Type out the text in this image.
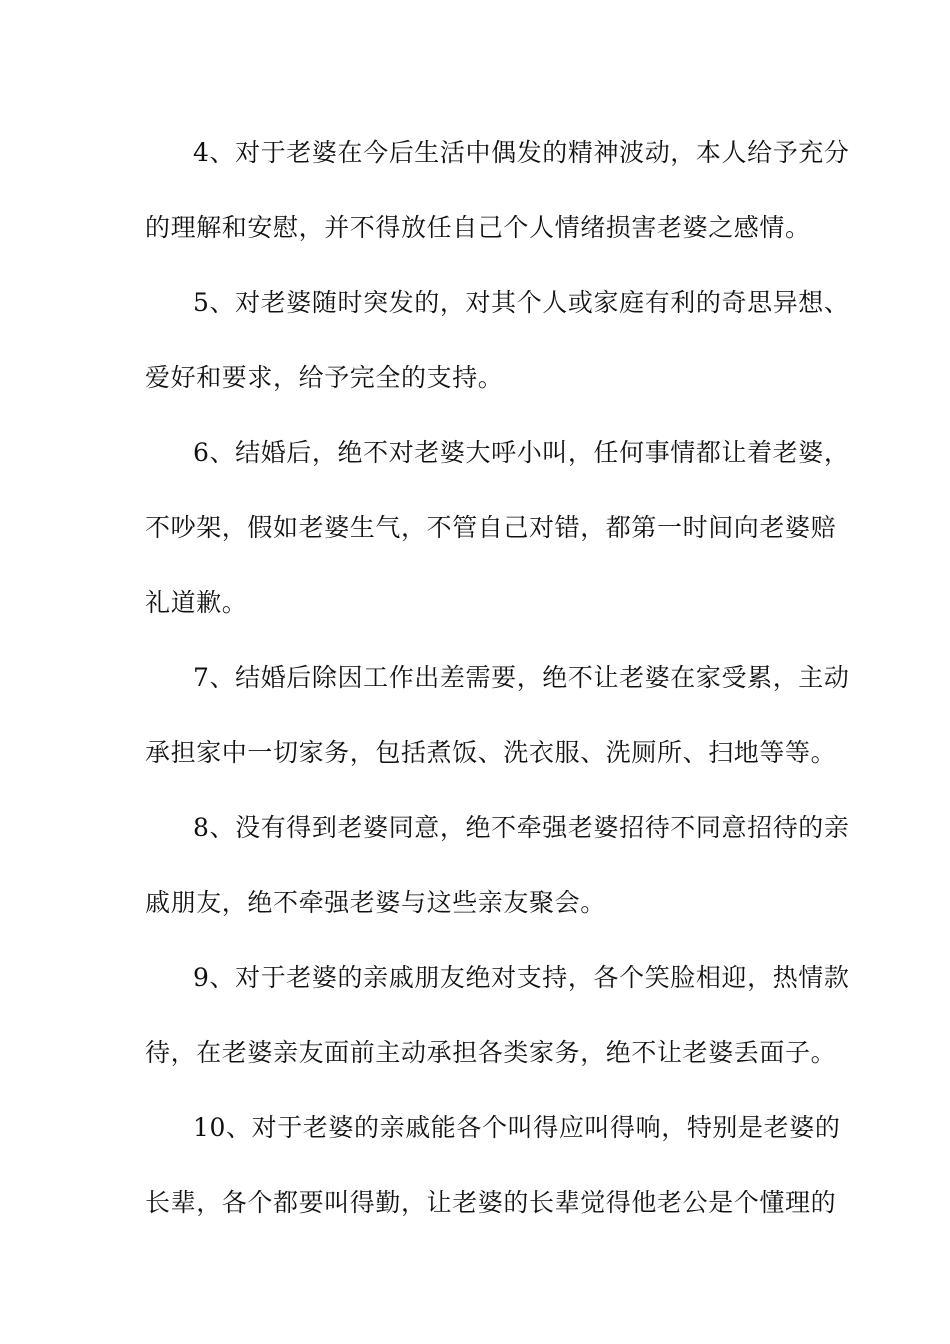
4、对于老婆在今后生活中偶发的精神波动，本人给予充分
的理解和安慰，并不得放任自己个人情绪损害老婆之感情。
5、对老婆随时突发的，对其个人或家庭有利的奇思异想、
爱好和要求，给予完全的支持。
6、结婚后，绝不对老婆大呼小叫，任何事情都让着老婆，
不吵架，假如老婆生气，不管自己对错，都第一时间向老婆赔
礼道歉。
7、结婚后除因工作出差需要，绝不让老婆在家受累，主动
承担家中一切家务，包括煮饭、洗衣服、洗厕所、扫地等等。
8、没有得到老婆同意，绝不牵强老婆招待不同意招待的亲
戚朋友，绝不牵强老婆与这些亲友聚会。
9、对于老婆的亲戚朋友绝对支持，各个笑脸相迎，热情款
待，在老婆亲友面前主动承担各类家务，绝不让老婆丢面子。
10、对于老婆的亲戚能各个叫得应叫得响，特别是老婆的
长辈，各个都要叫得勤，让老婆的长辈觉得他老公是个懂理的
